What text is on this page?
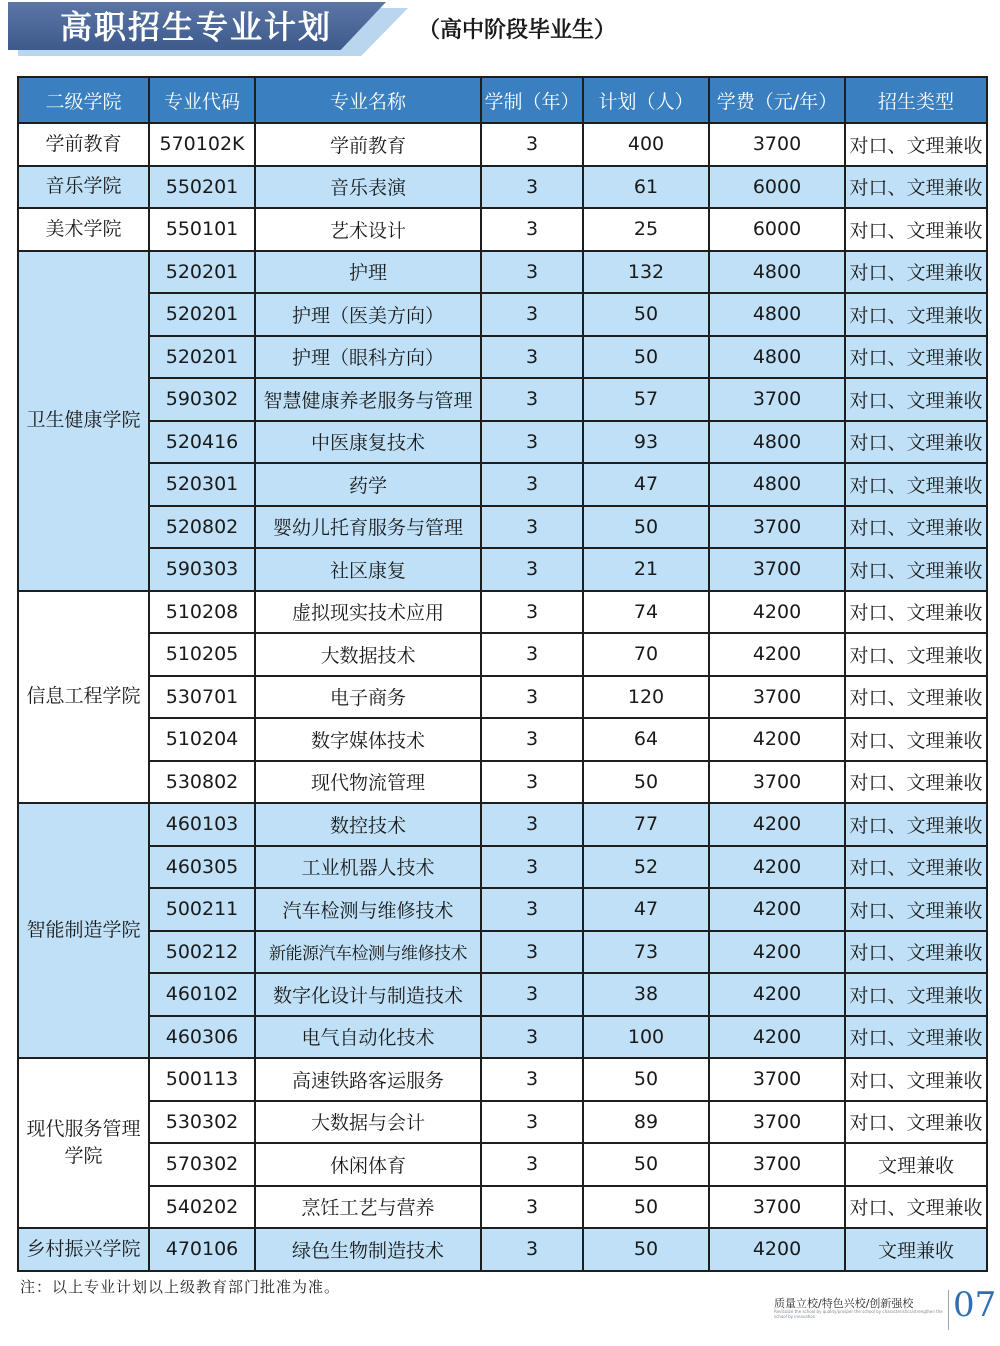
高职招生专业计划	（高中阶段毕业生）
二级学院	专业代码	专业名称	学制（年）	计划（人）	学费（元/年）	招生类型
学前教育	570102K	学前教育	3	400	3700	对口、文理兼收
音乐学院	550201	音乐表演	3	61	6000	对口、文理兼收
美术学院	550101	艺术设计	3	25	6000	对口、文理兼收
卫生健康学院	520201	护理	3	132	4800	对口、文理兼收
	520201	护理（医美方向）	3	50	4800	对口、文理兼收
	520201	护理（眼科方向）	3	50	4800	对口、文理兼收
	590302	智慧健康养老服务与管理	3	57	3700	对口、文理兼收
	520416	中医康复技术	3	93	4800	对口、文理兼收
	520301	药学	3	47	4800	对口、文理兼收
	520802	婴幼儿托育服务与管理	3	50	3700	对口、文理兼收
	590303	社区康复	3	21	3700	对口、文理兼收
信息工程学院	510208	虚拟现实技术应用	3	74	4200	对口、文理兼收
	510205	大数据技术	3	70	4200	对口、文理兼收
	530701	电子商务	3	120	3700	对口、文理兼收
	510204	数字媒体技术	3	64	4200	对口、文理兼收
	530802	现代物流管理	3	50	3700	对口、文理兼收
智能制造学院	460103	数控技术	3	77	4200	对口、文理兼收
	460305	工业机器人技术	3	52	4200	对口、文理兼收
	500211	汽车检测与维修技术	3	47	4200	对口、文理兼收
	500212	新能源汽车检测与维修技术	3	73	4200	对口、文理兼收
	460102	数字化设计与制造技术	3	38	4200	对口、文理兼收
	460306	电气自动化技术	3	100	4200	对口、文理兼收
现代服务管理学院	500113	高速铁路客运服务	3	50	3700	对口、文理兼收
	530302	大数据与会计	3	89	3700	对口、文理兼收
	570302	休闲体育	3	50	3700	文理兼收
	540202	烹饪工艺与营养	3	50	3700	对口、文理兼收
乡村振兴学院	470106	绿色生物制造技术	3	50	4200	文理兼收
注：以上专业计划以上级教育部门批准为准。
质量立校/特色兴校/创新强校
Revitalize the school by quality/prosper the school by characteristics/strengthen the school by innovation	07
